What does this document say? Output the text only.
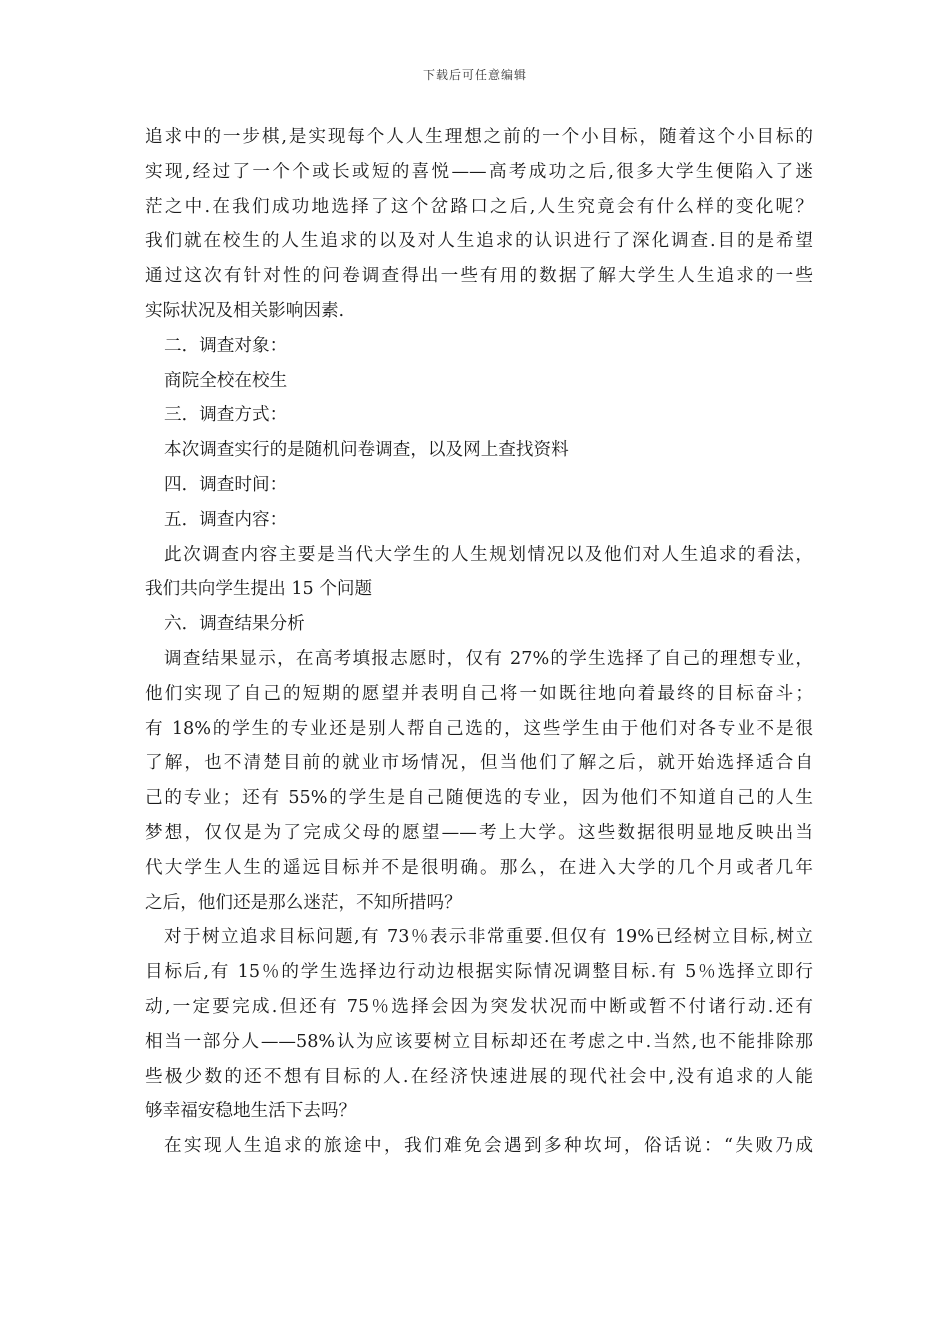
下载后可任意编辑
追求中的一步棋,是实现每个人人生理想之前的一个小目标，随着这个小目标的
实现,经过了一个个或长或短的喜悦——高考成功之后,很多大学生便陷入了迷
茫之中.在我们成功地选择了这个岔路口之后,人生究竟会有什么样的变化呢？
我们就在校生的人生追求的以及对人生追求的认识进行了深化调查.目的是希望
通过这次有针对性的问卷调查得出一些有用的数据了解大学生人生追求的一些
实际状况及相关影响因素.
二．调查对象：
商院全校在校生
三．调查方式：
本次调查实行的是随机问卷调查，以及网上查找资料
四．调查时间：
五．调查内容：
此次调查内容主要是当代大学生的人生规划情况以及他们对人生追求的看法，
我们共向学生提出 15 个问题
六．调查结果分析
调查结果显示，在高考填报志愿时，仅有 27%的学生选择了自己的理想专业，
他们实现了自己的短期的愿望并表明自己将一如既往地向着最终的目标奋斗；
有 18%的学生的专业还是别人帮自己选的，这些学生由于他们对各专业不是很
了解，也不清楚目前的就业市场情况，但当他们了解之后，就开始选择适合自
己的专业；还有 55%的学生是自己随便选的专业，因为他们不知道自己的人生
梦想，仅仅是为了完成父母的愿望——考上大学。这些数据很明显地反映出当
代大学生人生的遥远目标并不是很明确。那么，在进入大学的几个月或者几年
之后，他们还是那么迷茫，不知所措吗？
对于树立追求目标问题,有 73％表示非常重要.但仅有 19%已经树立目标,树立
目标后,有 15％的学生选择边行动边根据实际情况调整目标.有 5％选择立即行
动,一定要完成.但还有 75％选择会因为突发状况而中断或暂不付诸行动.还有
相当一部分人——58%认为应该要树立目标却还在考虑之中.当然,也不能排除那
些极少数的还不想有目标的人.在经济快速进展的现代社会中,没有追求的人能
够幸福安稳地生活下去吗？
在实现人生追求的旅途中，我们难免会遇到多种坎坷，俗话说：“失败乃成
